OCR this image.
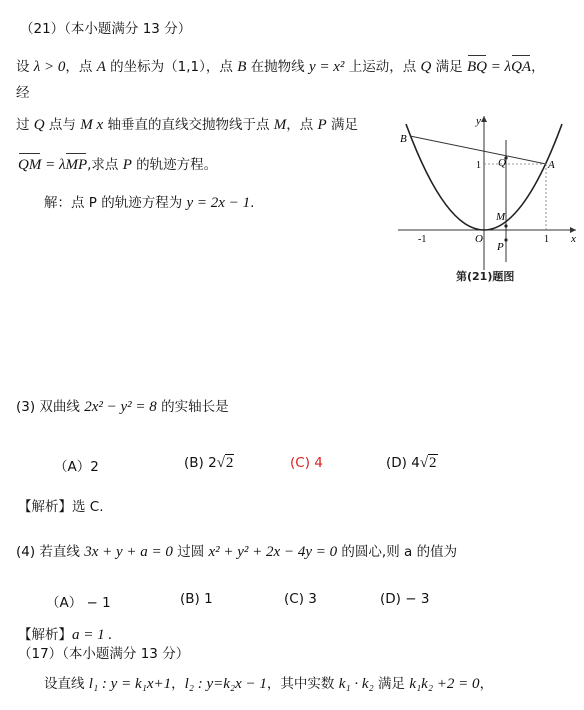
（21）（本小题满分 13 分）
设 λ > 0，点 A 的坐标为（1,1），点 B 在抛物线 y = x² 上运动，点 Q 满足 BQ = λQA，
经
过 Q 点与 M x 轴垂直的直线交抛物线于点 M，点 P 满足
QM = λMP,求点 P 的轨迹方程。
解：点 P 的轨迹方程为 y = 2x − 1.
y
x
O
1
1
-1
A
B
Q
M
P
第(21)题图
(3) 双曲线 2x² − y² = 8 的实轴长是
（A）2	(B) 2√2	(C) 4	(D) 4√2
【解析】选 C.
(4) 若直线 3x + y + a = 0 过圆 x² + y² + 2x − 4y = 0 的圆心,则 a 的值为
（A） − 1	(B) 1	(C) 3	(D) − 3
【解析】a = 1 .
（17）（本小题满分 13 分）
设直线 l₁ : y = k₁x+1，l₂ : y=k₂x − 1，其中实数 k₁ · k₂ 满足 k₁k₂ +2 = 0，
